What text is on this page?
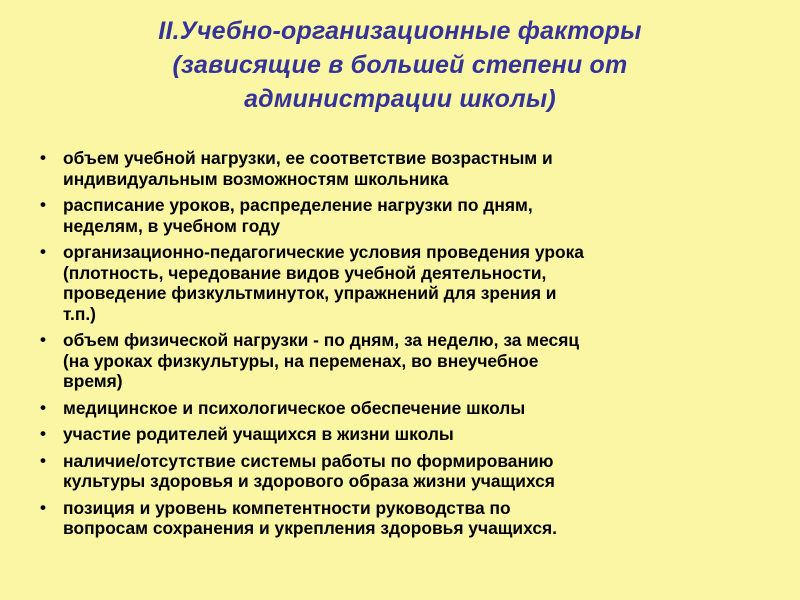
II.Учебно-организационные факторы
(зависящие в большей степени от
администрации школы)
• объем учебной нагрузки, ее соответствие возрастным и
индивидуальным возможностям школьника
• расписание уроков, распределение нагрузки по дням,
неделям, в учебном году
• организационно-педагогические условия проведения урока
(плотность, чередование видов учебной деятельности,
проведение физкультминуток, упражнений для зрения и
т.п.)
• объем физической нагрузки - по дням, за неделю, за месяц
(на уроках физкультуры, на переменах, во внеучебное
время)
• медицинское и психологическое обеспечение школы
• участие родителей учащихся в жизни школы
• наличие/отсутствие системы работы по формированию
культуры здоровья и здорового образа жизни учащихся
• позиция и уровень компетентности руководства по
вопросам сохранения и укрепления здоровья учащихся.
